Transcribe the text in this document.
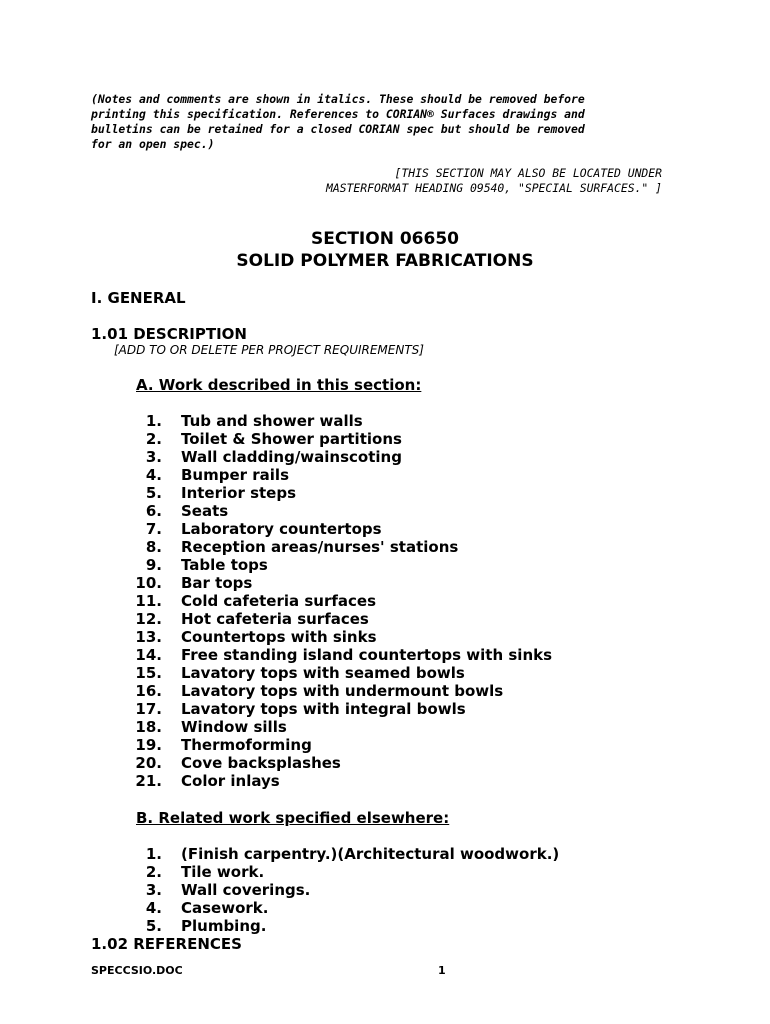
(Notes and comments are shown in italics. These should be removed before
printing this specification. References to CORIAN® Surfaces drawings and
bulletins can be retained for a closed CORIAN spec but should be removed
for an open spec.)
[THIS SECTION MAY ALSO BE LOCATED UNDER
MASTERFORMAT HEADING 09540, "SPECIAL SURFACES." ]
SECTION 06650
SOLID POLYMER FABRICATIONS
I. GENERAL
1.01 DESCRIPTION
[ADD TO OR DELETE PER PROJECT REQUIREMENTS]
A. Work described in this section:
1. Tub and shower walls
2. Toilet & Shower partitions
3. Wall cladding/wainscoting
4. Bumper rails
5. Interior steps
6. Seats
7. Laboratory countertops
8. Reception areas/nurses' stations
9. Table tops
10. Bar tops
11. Cold cafeteria surfaces
12. Hot cafeteria surfaces
13. Countertops with sinks
14. Free standing island countertops with sinks
15. Lavatory tops with seamed bowls
16. Lavatory tops with undermount bowls
17. Lavatory tops with integral bowls
18. Window sills
19. Thermoforming
20. Cove backsplashes
21. Color inlays
B. Related work specified elsewhere:
1. (Finish carpentry.)(Architectural woodwork.)
2. Tile work.
3. Wall coverings.
4. Casework.
5. Plumbing.
1.02 REFERENCES
SPECCSIO.DOC	1
